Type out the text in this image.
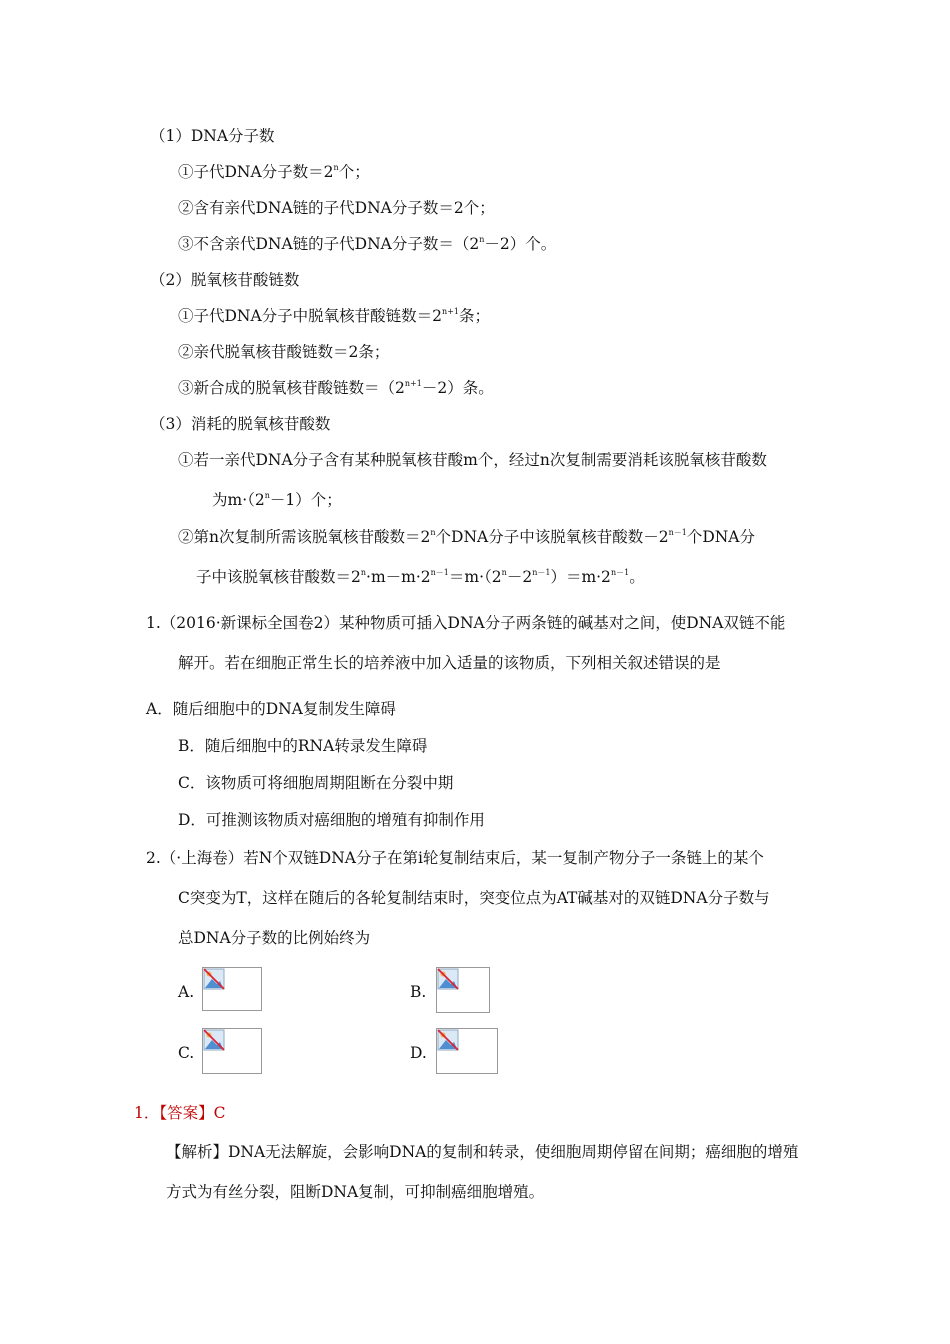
（1）DNA分子数
①子代DNA分子数$=2^n$个；
②含有亲代DNA链的子代DNA分子数＝2个；
③不含亲代DNA链的子代DNA分子数$=(2^n-2)$个。
（2）脱氧核苷酸链数
①子代DNA分子中脱氧核苷酸链数$=2^{n+1}$条；
②亲代脱氧核苷酸链数＝2条；
③新合成的脱氧核苷酸链数$=(2^{n+1}-2)$条。
（3）消耗的脱氧核苷酸数
①若一亲代DNA分子含有某种脱氧核苷酸m个，经过n次复制需要消耗该脱氧核苷酸数
为$m\cdot(2^n-1)$个；
②第n次复制所需该脱氧核苷酸数$=2^n$个DNA分子中该脱氧核苷酸数$-2^{n-1}$个DNA分
子中该脱氧核苷酸数$=2^n\cdot m-m\cdot 2^{n-1}=m\cdot(2^n-2^{n-1})=m\cdot 2^{n-1}$。
1.（2016·新课标全国卷2）某种物质可插入DNA分子两条链的碱基对之间，使DNA双链不能
解开。若在细胞正常生长的培养液中加入适量的该物质，下列相关叙述错误的是
A．随后细胞中的DNA复制发生障碍
B．随后细胞中的RNA转录发生障碍
C．该物质可将细胞周期阻断在分裂中期
D．可推测该物质对癌细胞的增殖有抑制作用
2.（·上海卷）若N个双链DNA分子在第i轮复制结束后，某一复制产物分子一条链上的某个
C突变为T，这样在随后的各轮复制结束时，突变位点为AT碱基对的双链DNA分子数与
总DNA分子数的比例始终为
A.	B.
C.	D.
1．【答案】C
【解析】DNA无法解旋，会影响DNA的复制和转录，使细胞周期停留在间期；癌细胞的增殖
方式为有丝分裂，阻断DNA复制，可抑制癌细胞增殖。
